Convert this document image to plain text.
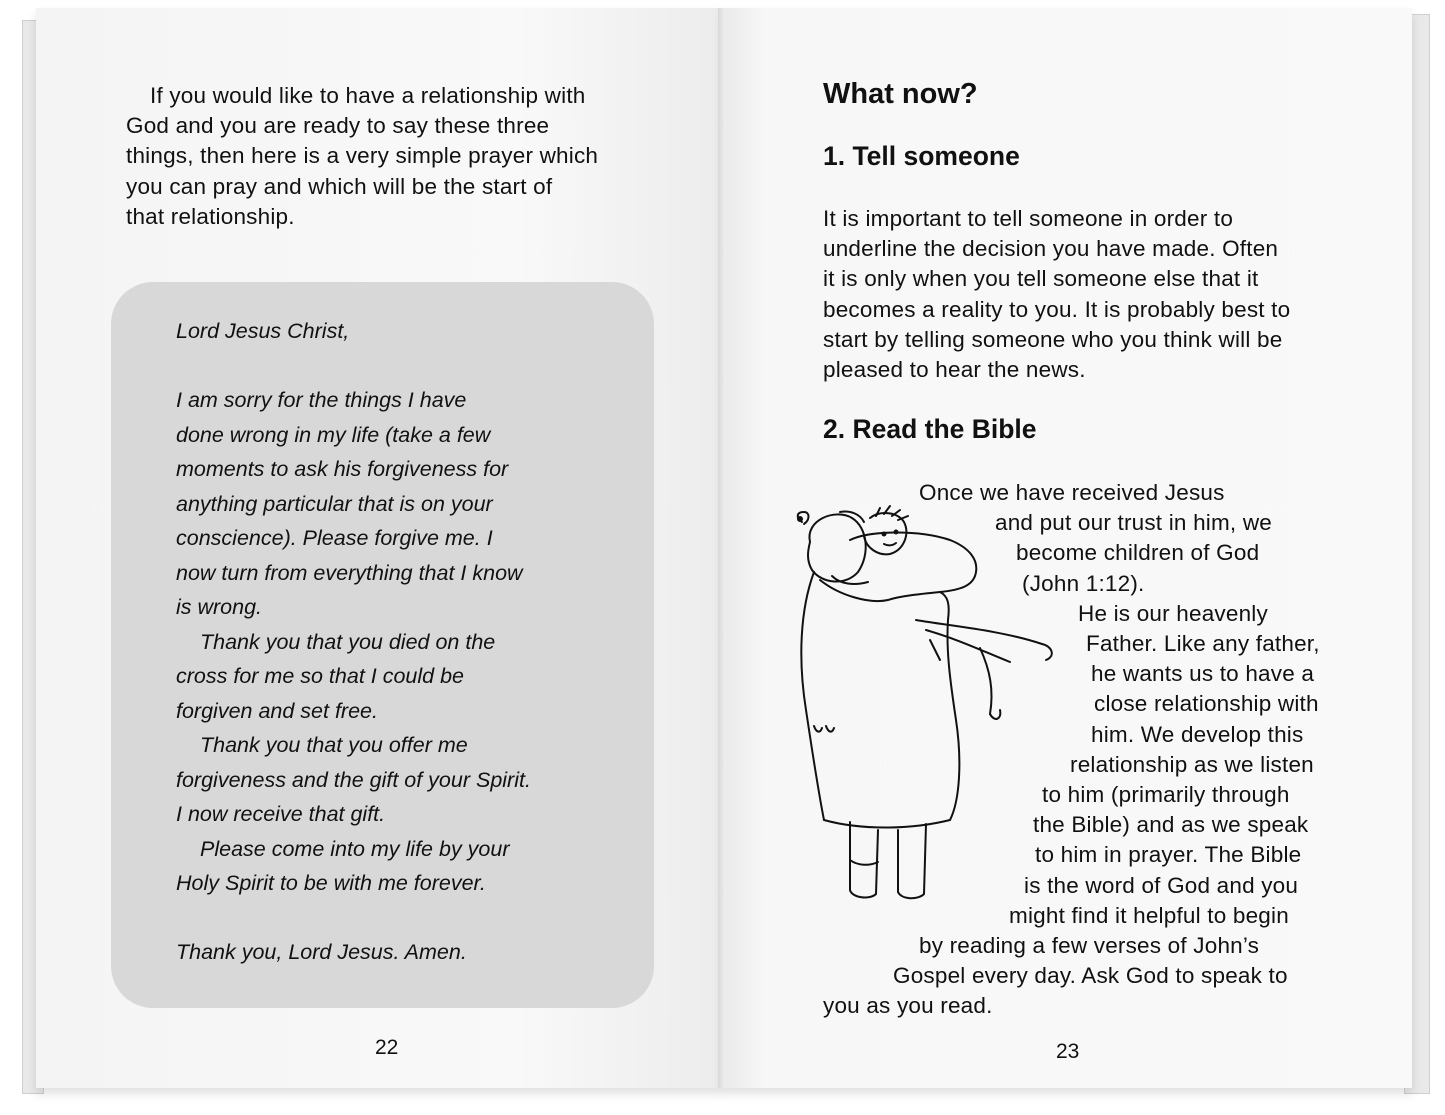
If you would like to have a relationship with
God and you are ready to say these three
things, then here is a very simple prayer which
you can pray and which will be the start of
that relationship.
Lord Jesus Christ,

I am sorry for the things I have
done wrong in my life (take a few
moments to ask his forgiveness for
anything particular that is on your
conscience). Please forgive me. I
now turn from everything that I know
is wrong.
Thank you that you died on the
cross for me so that I could be
forgiven and set free.
Thank you that you offer me
forgiveness and the gift of your Spirit.
I now receive that gift.
Please come into my life by your
Holy Spirit to be with me forever.

Thank you, Lord Jesus. Amen.
22
What now?
1. Tell someone
It is important to tell someone in order to
underline the decision you have made. Often
it is only when you tell someone else that it
becomes a reality to you. It is probably best to
start by telling someone who you think will be
pleased to hear the news.
2. Read the Bible
Once we have received Jesus
and put our trust in him, we
become children of God
(John 1:12).
He is our heavenly
Father. Like any father,
he wants us to have a
close relationship with
him. We develop this
relationship as we listen
to him (primarily through
the Bible) and as we speak
to him in prayer. The Bible
is the word of God and you
might find it helpful to begin
by reading a few verses of John’s
Gospel every day. Ask God to speak to
you as you read.
23
